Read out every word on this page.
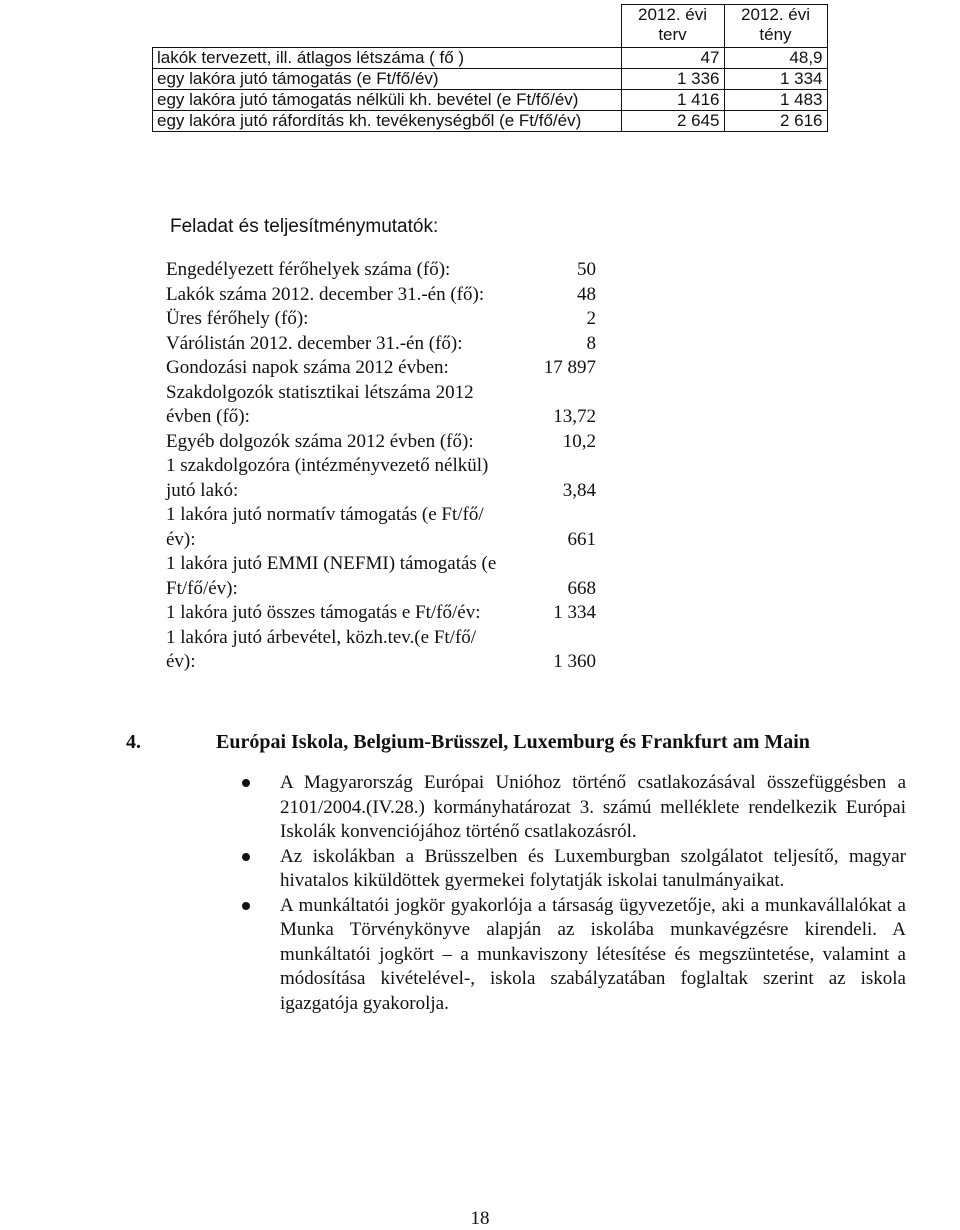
	2012. évi terv	2012. évi tény
lakók tervezett, ill. átlagos létszáma ( fő )	47	48,9
egy lakóra jutó támogatás (e Ft/fő/év)	1 336	1 334
egy lakóra jutó támogatás nélküli kh. bevétel (e Ft/fő/év)	1 416	1 483
egy lakóra jutó ráfordítás kh. tevékenységből (e Ft/fő/év)	2 645	2 616
Feladat és teljesítménymutatók:
Engedélyezett férőhelyek száma (fő):	50
Lakók száma 2012. december 31.-én (fő):	48
Üres férőhely (fő):	2
Várólistán 2012. december 31.-én (fő):	8
Gondozási napok száma 2012 évben:	17 897
Szakdolgozók statisztikai létszáma 2012 évben (fő):	13,72
Egyéb dolgozók száma 2012 évben (fő):	10,2
1 szakdolgozóra (intézményvezető nélkül) jutó lakó:	3,84
1 lakóra jutó normatív támogatás (e Ft/fő/év):	661
1 lakóra jutó EMMI (NEFMI) támogatás (e Ft/fő/év):	668
1 lakóra jutó összes támogatás e Ft/fő/év:	1 334
1 lakóra jutó árbevétel, közh.tev.(e Ft/fő/év):	1 360
4.	Európai Iskola, Belgium-Brüsszel, Luxemburg és Frankfurt am Main
A Magyarország Európai Unióhoz történő csatlakozásával összefüggésben a 2101/2004.(IV.28.) kormányhatározat 3. számú melléklete rendelkezik Európai Iskolák konvenciójához történő csatlakozásról.
Az iskolákban a Brüsszelben és Luxemburgban szolgálatot teljesítő, magyar hivatalos kiküldöttek gyermekei folytatják iskolai tanulmányaikat.
A munkáltatói jogkör gyakorlója a társaság ügyvezetője, aki a munkavállalókat a Munka Törvénykönyve alapján az iskolába munkavégzésre kirendeli. A munkáltatói jogkört – a munkaviszony létesítése és megszüntetése, valamint a módosítása kivételével-, iskola szabályzatában foglaltak szerint az iskola igazgatója gyakorolja.
18
